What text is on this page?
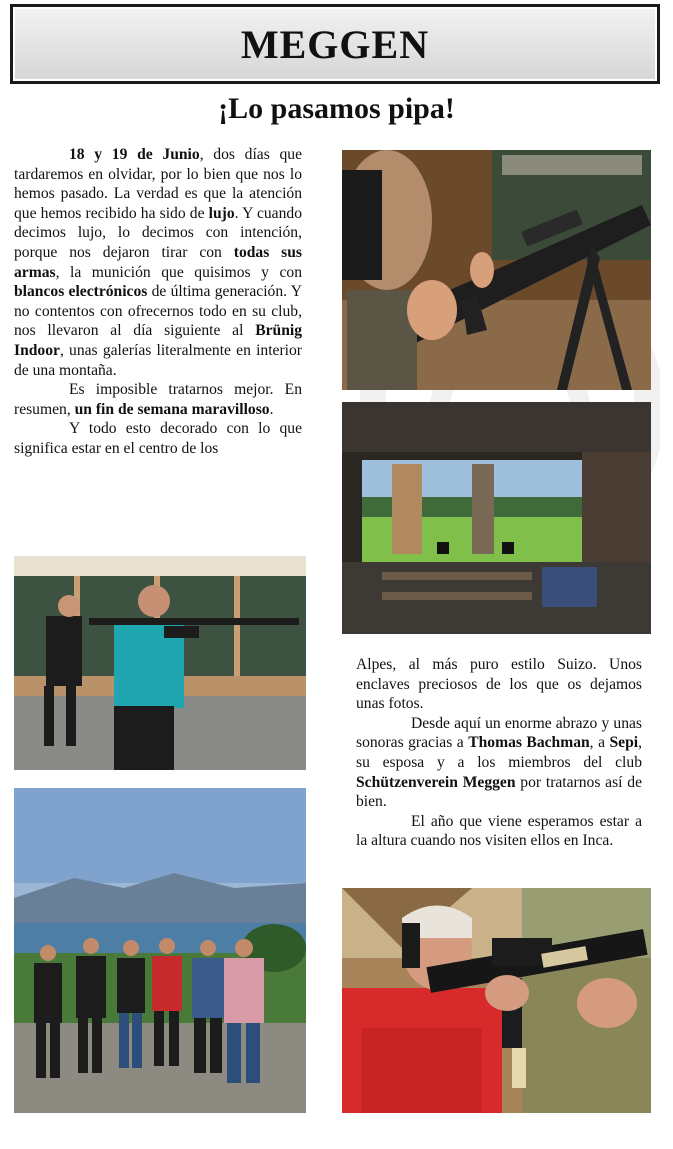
MEGGEN
¡Lo pasamos pipa!

18 y 19 de Junio, dos días que tardaremos en olvidar, por lo bien que nos lo hemos pasado. La verdad es que la atención que hemos recibido ha sido de lujo. Y cuando decimos lujo, lo decimos con intención, porque nos dejaron tirar con todas sus armas, la munición que quisimos y con blancos electrónicos de última generación. Y no contentos con ofrecernos todo en su club, nos llevaron al día siguiente al Brünig Indoor, unas galerías literalmente en interior de una montaña.

Es imposible tratarnos mejor. En resumen, un fin de semana maravilloso.

Y todo esto decorado con lo que significa estar en el centro de los

Alpes, al más puro estilo Suizo. Unos enclaves preciosos de los que os dejamos unas fotos.

Desde aquí un enorme abrazo y unas sonoras gracias a Thomas Bachman, a Sepi, su esposa y a los miembros del club Schützenverein Meggen por tratarnos así de bien.

El año que viene esperamos estar a la altura cuando nos visiten ellos en Inca.
